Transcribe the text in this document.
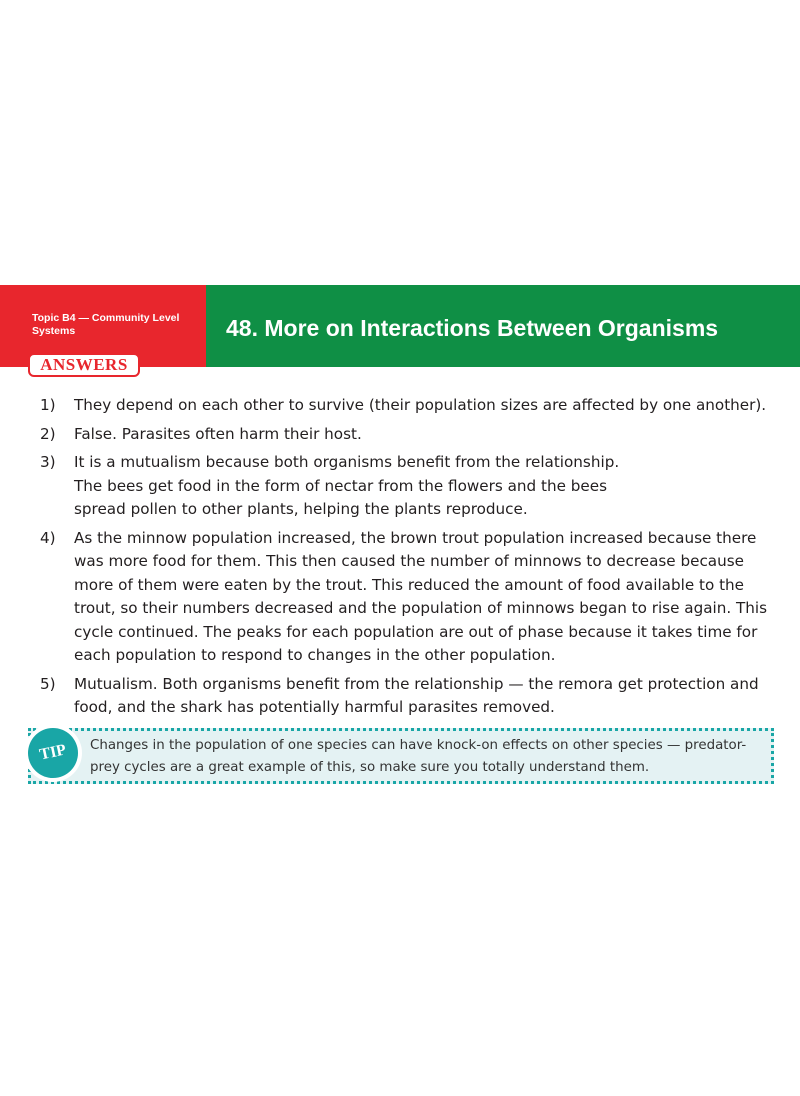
Topic B4 — Community Level Systems	48. More on Interactions Between Organisms
ANSWERS
1) They depend on each other to survive (their population sizes are affected by one another).
2) False. Parasites often harm their host.
3) It is a mutualism because both organisms benefit from the relationship. The bees get food in the form of nectar from the flowers and the bees spread pollen to other plants, helping the plants reproduce.
4) As the minnow population increased, the brown trout population increased because there was more food for them. This then caused the number of minnows to decrease because more of them were eaten by the trout. This reduced the amount of food available to the trout, so their numbers decreased and the population of minnows began to rise again. This cycle continued. The peaks for each population are out of phase because it takes time for each population to respond to changes in the other population.
5) Mutualism. Both organisms benefit from the relationship — the remora get protection and food, and the shark has potentially harmful parasites removed.
TIP	Changes in the population of one species can have knock-on effects on other species — predator-prey cycles are a great example of this, so make sure you totally understand them.
